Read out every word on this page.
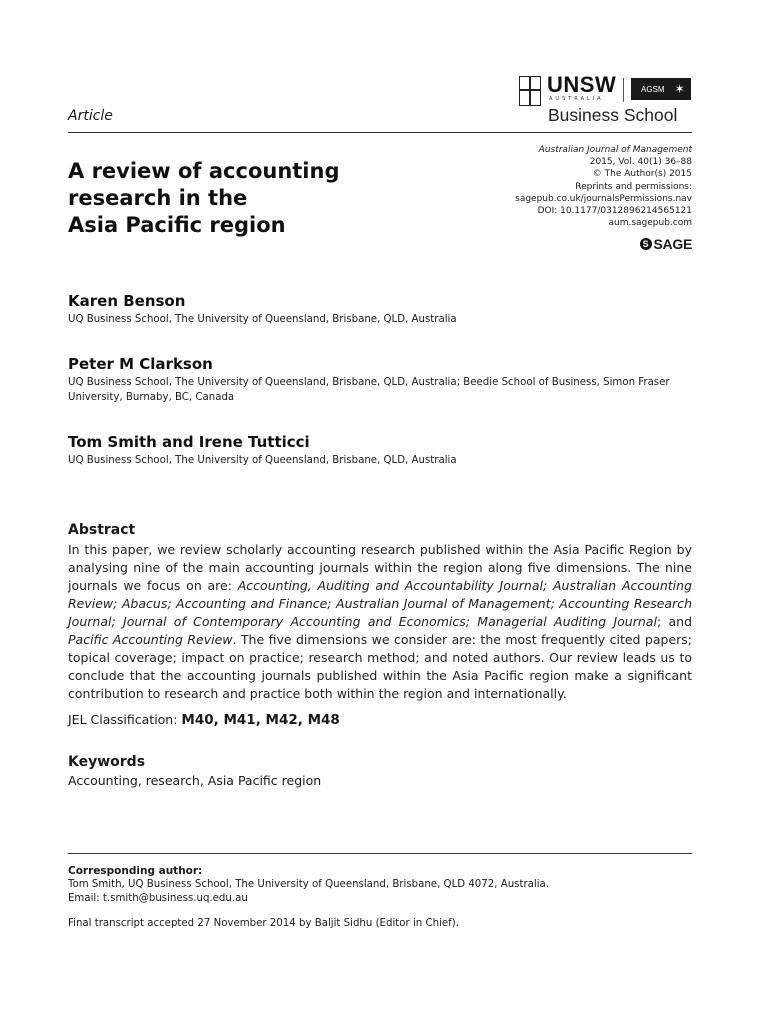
UNSW
AUSTRALIA
AGSM ✶
Business School
Article
Australian Journal of Management
2015, Vol. 40(1) 36–88
© The Author(s) 2015
Reprints and permissions:
sagepub.co.uk/journalsPermissions.nav
DOI: 10.1177/0312896214565121
aum.sagepub.com
S SAGE
A review of accounting
research in the
Asia Pacific region
Karen Benson
UQ Business School, The University of Queensland, Brisbane, QLD, Australia
Peter M Clarkson
UQ Business School, The University of Queensland, Brisbane, QLD, Australia; Beedie School of Business, Simon Fraser University, Burnaby, BC, Canada
Tom Smith and Irene Tutticci
UQ Business School, The University of Queensland, Brisbane, QLD, Australia
Abstract
In this paper, we review scholarly accounting research published within the Asia Pacific Region by analysing nine of the main accounting journals within the region along five dimensions. The nine journals we focus on are: Accounting, Auditing and Accountability Journal; Australian Accounting Review; Abacus; Accounting and Finance; Australian Journal of Management; Accounting Research Journal; Journal of Contemporary Accounting and Economics; Managerial Auditing Journal; and Pacific Accounting Review. The five dimensions we consider are: the most frequently cited papers; topical coverage; impact on practice; research method; and noted authors. Our review leads us to conclude that the accounting journals published within the Asia Pacific region make a significant contribution to research and practice both within the region and internationally.
JEL Classification: M40, M41, M42, M48
Keywords
Accounting, research, Asia Pacific region
Corresponding author:
Tom Smith, UQ Business School, The University of Queensland, Brisbane, QLD 4072, Australia.
Email: t.smith@business.uq.edu.au
Final transcript accepted 27 November 2014 by Baljit Sidhu (Editor in Chief).
